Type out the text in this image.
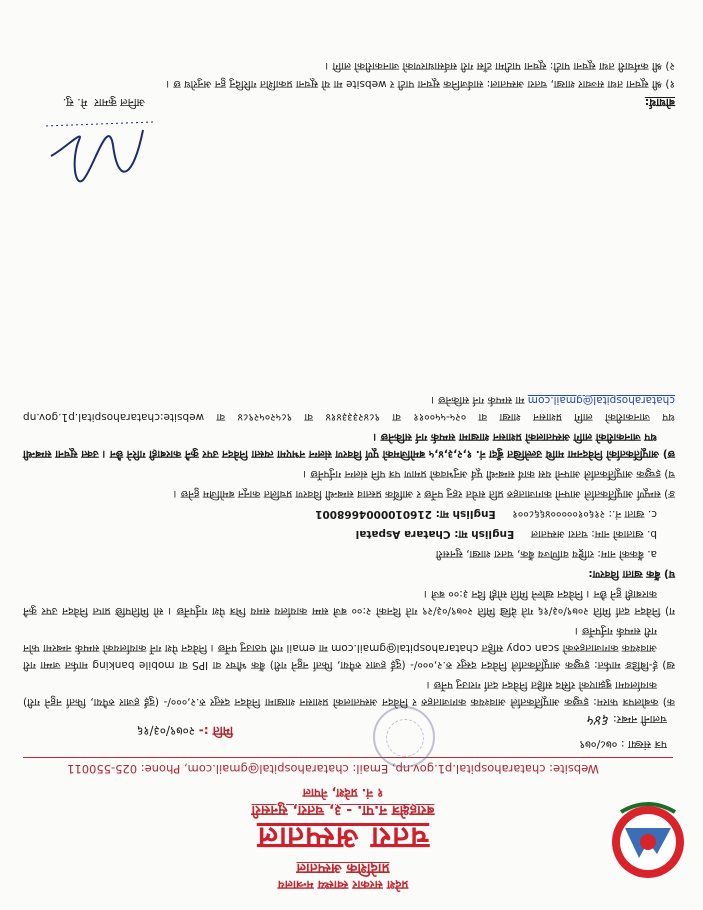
प्रदेश सरकार स्वास्थ्य मन्त्रालय
प्रादेशिक अस्पताल
चतरा अस्पताल
बराहक्षेत्र न.पा. - ३, चतरा, सुनसरी
१ नं. प्रदेश, नेपाल
Website: chatarahospital.p1.gov.np, Email: chatarahospital@gmail.com, Phone: 025-550011
पत्र संख्या : ०७८/०७९
चलानी नम्बर: ६४५
मिति :- २०७९/०३/१६

क) कबोलपत्र फारम: इच्छुक आपूर्तिकर्ताले आवश्यक कागजातहरु र निवेदन अस्पतालको प्रशासन शाखामा निवेदन दस्तुर रु.२,०००/- (दुई हजार रुपैया, फिर्ता नहुने गरी) कार्यालयमा बुझाएको रसिद सहित निवेदन दर्ता गराउनु पर्नेछ ।

ख) ई-बिडिङ मार्फत: इच्छुक आपूर्तिकर्ताले निवेदन दस्तुर रु.२,०००/- (दुई हजार रुपैया, फिर्ता नहुने गरी) बैंक भौचर वा IPS वा mobile banking मार्फत जम्मा गरी आवश्यक कागजातहरुको scan copy सहित chatarahospital@gmail.com मा email गरी पठाउनु पर्नेछ । निवेदन पेश गर्ने कार्यालयको सम्पर्क नम्बरमा फोन गरी सम्पर्क गर्नुपर्नेछ ।

ग) निवेदन दर्ता मिति २०७९/०३/१६ गते देखि मिति २०७९/०३/२९ गते दिनको २:०० बजे सम्म कार्यालय समय भित्र पेश गर्नुपर्नेछ । सो मितिपछि प्राप्त निवेदन उपर कुनै कारबाही हुने छैन । निवेदन खोल्ने मिति सोही दिन ३:०० बजे ।

घ) बैंक खाता विवरण:

a. बैंकको नाम: राष्ट्रिय वाणिज्य बैंक, चतरा शाखा, सुनसरी

b. खाताको नाम: चतरा अस्पताल     English मा: Chatara Aspatal

c. खाता नं.: २१६०१०००००४६६८००१     English मा: 2160100004668001

ङ) सम्पूर्ण आपूर्तिकर्ताले आफ्नो कागजातहरु प्रति सचेत रहनु पर्नेछ र आर्थिक प्रस्ताव सम्बन्धी विवरण प्रचलित कानून बमोजिम हुनेछ ।

च) इच्छुक आपूर्तिकर्ताले आफ्नो यस कार्य सम्बन्धी पूर्व अनुभवको प्रमाण पत्र पनि संलग्न गर्नुपर्नेछ ।

छ) आपूर्तिकर्ताको निवेदनमा माथि उल्लेखित बुँदा नं. १,२,३,४,५ बमोजिमको पूर्ण विवरण संलग्न नभएमा त्यस्ता निवेदन उपर कुनै कारबाही गरिने छैन । उक्त सूचना सम्बन्धी थप जानकारीको लागि अस्पतालको प्रशासन शाखामा सम्पर्क गर्न सकिनेछ ।

थप जानकारीको लागि प्रशासन शाखा वा ०२५-५५००११ वा ९८४२३३३४१४ वा ९८५२०५२९८४ वा website:chatarahospital.p1.gov.np chatarahospital@gmail.com मा सम्पर्क गर्न सकिनेछ ।

अनिल कुमार  मे. सु.	बोधार्थ:

१) श्री सूचना तथा सञ्चार शाखा, चतरा अस्पताल: सार्वजनिक सूचना पाटी र website मा यो सूचना प्रकाशित गरिदिनु हुन अनुरोध छ ।

२) श्री कर्मचारी तथा सूचना पाटी: सूचना पाटीमा टाँस गरी सर्वसाधारणको जानकारीको लागि ।
